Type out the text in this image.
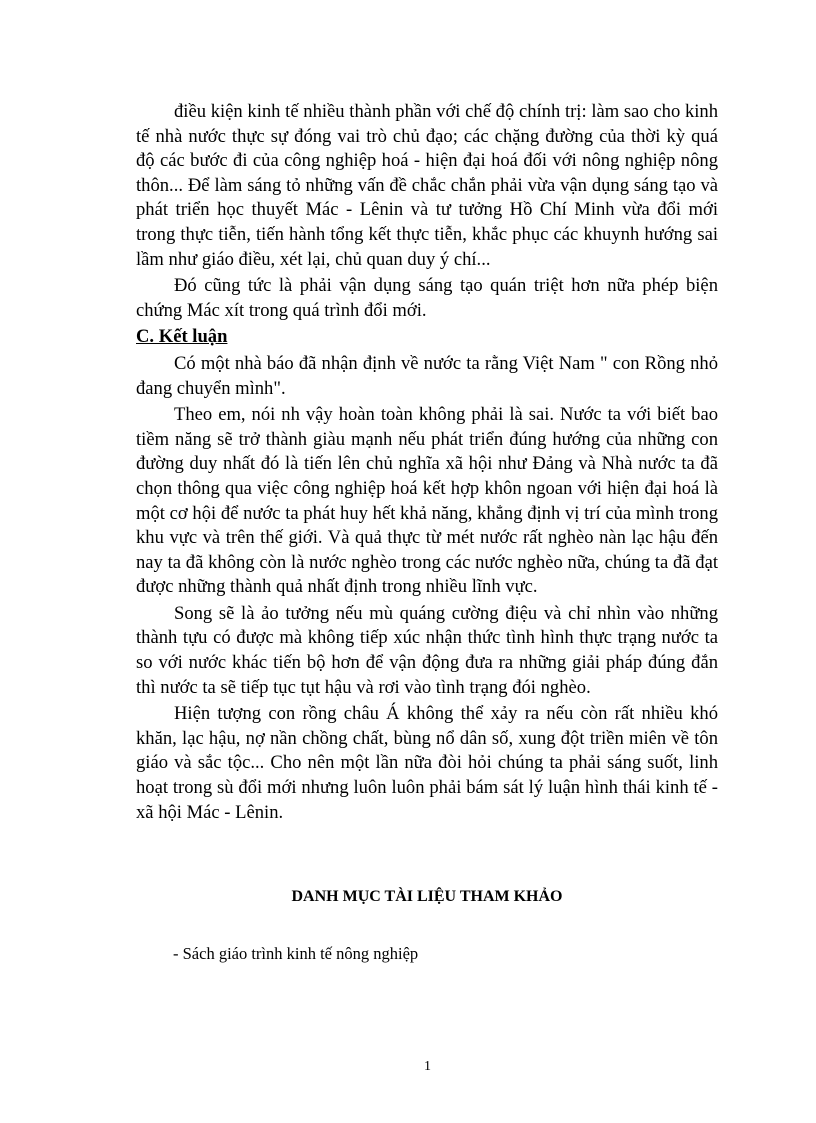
điều kiện kinh tế nhiều thành phần với chế độ chính trị: làm sao cho kinh tế nhà nước thực sự đóng vai trò chủ đạo; các chặng đường của thời kỳ quá độ các bước đi của công nghiệp hoá - hiện đại hoá đối với nông nghiệp nông thôn... Để làm sáng tỏ những vấn đề chắc chắn phải vừa vận dụng sáng tạo và phát triển học thuyết Mác - Lênin và tư tưởng Hồ Chí Minh vừa đổi mới trong thực tiễn, tiến hành tổng kết thực tiễn, khắc phục các khuynh hướng sai lầm như giáo điều, xét lại, chủ quan duy ý chí...

Đó cũng tức là phải vận dụng sáng tạo quán triệt hơn nữa phép biện chứng Mác xít trong quá trình đổi mới.

C. Kết luận

Có một nhà báo đã nhận định về nước ta rằng Việt Nam " con Rồng nhỏ đang chuyển mình".

Theo em, nói nh vậy hoàn toàn không phải là sai. Nước ta với biết bao tiềm năng sẽ trở thành giàu mạnh nếu phát triển đúng hướng của những con đường duy nhất đó là tiến lên chủ nghĩa xã hội như Đảng và Nhà nước ta đã chọn thông qua việc công nghiệp hoá kết hợp khôn ngoan với hiện đại hoá là một cơ hội để nước ta phát huy hết khả năng, khẳng định vị trí của mình trong khu vực và trên thế giới. Và quả thực từ mét nước rất nghèo nàn lạc hậu đến nay ta đã không còn là nước nghèo trong các nước nghèo nữa, chúng ta đã đạt được những thành quả nhất định trong nhiều lĩnh vực.

Song sẽ là ảo tưởng nếu mù quáng cường điệu và chỉ nhìn vào những thành tựu có được mà không tiếp xúc nhận thức tình hình thực trạng nước ta so với nước khác tiến bộ hơn để vận động đưa ra những giải pháp đúng đắn thì nước ta sẽ tiếp tục tụt hậu và rơi vào tình trạng đói nghèo.

Hiện tượng con rồng châu Á không thể xảy ra nếu còn rất nhiều khó khăn, lạc hậu, nợ nần chồng chất, bùng nổ dân số, xung đột triền miên về tôn giáo và sắc tộc... Cho nên một lần nữa đòi hỏi chúng ta phải sáng suốt, linh hoạt trong sù đổi mới nhưng luôn luôn phải bám sát lý luận hình thái kinh tế - xã hội Mác - Lênin.

DANH MỤC TÀI LIỆU THAM KHẢO
- Sách giáo trình kinh tế nông nghiệp
1
